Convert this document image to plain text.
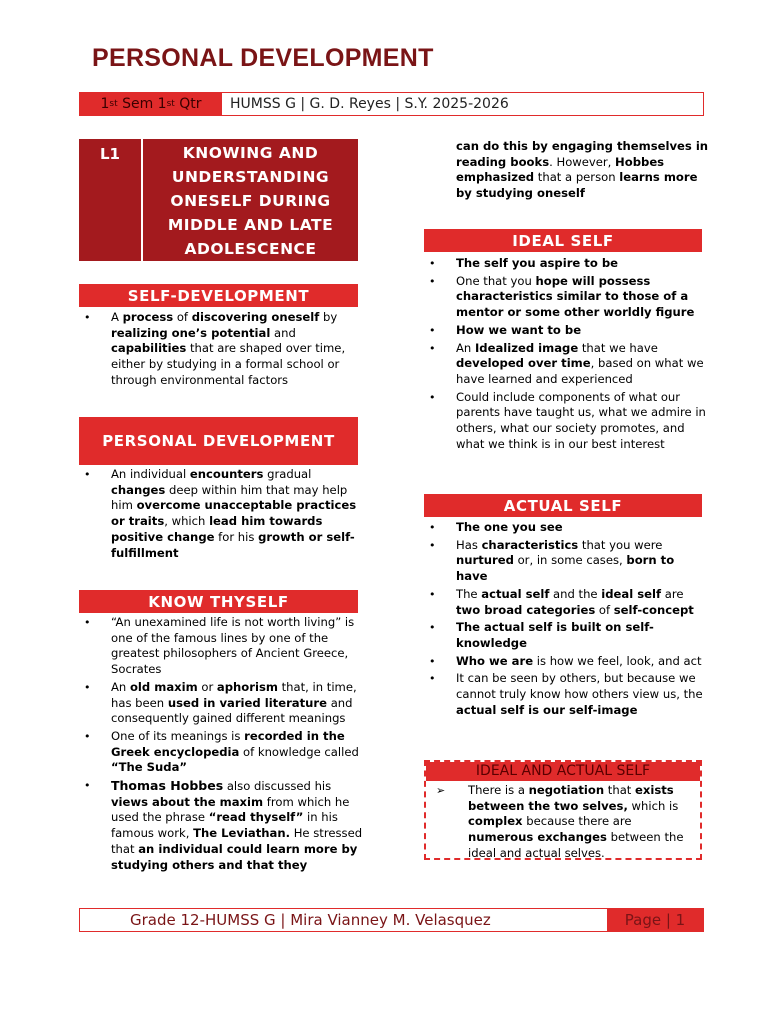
PERSONAL DEVELOPMENT
1 st
Sem
1 st
Qtr	HUMSS G | G. D. Reyes | S.Y. 2025-2026
L1	KNOWING AND UNDERSTANDING ONESELF DURING MIDDLE AND LATE ADOLESCENCE
SELF-DEVELOPMENT
• A process of discovering oneself by realizing one’s potential and capabilities that are shaped over time, either by studying in a formal school or through environmental factors
PERSONAL DEVELOPMENT
• An individual encounters gradual changes deep within him that may help him overcome unacceptable practices or traits, which lead him towards positive change for his growth or self-fulfillment
KNOW THYSELF
• “An unexamined life is not worth living” is one of the famous lines by one of the greatest philosophers of Ancient Greece, Socrates
• An old maxim or aphorism that, in time, has been used in varied literature and consequently gained different meanings
• One of its meanings is recorded in the Greek encyclopedia of knowledge called “The Suda”
• Thomas Hobbes also discussed his views about the maxim from which he used the phrase “read thyself” in his famous work, The Leviathan. He stressed that an individual could learn more by studying others and that they
can do this by engaging themselves in reading books. However, Hobbes emphasized that a person learns more by studying oneself
IDEAL SELF
• The self you aspire to be
• One that you hope will possess characteristics similar to those of a mentor or some other worldly figure
• How we want to be
• An Idealized image that we have developed over time, based on what we have learned and experienced
• Could include components of what our parents have taught us, what we admire in others, what our society promotes, and what we think is in our best interest
ACTUAL SELF
• The one you see
• Has characteristics that you were nurtured or, in some cases, born to have
• The actual self and the ideal self are two broad categories of self-concept
• The actual self is built on self-knowledge
• Who we are is how we feel, look, and act
• It can be seen by others, but because we cannot truly know how others view us, the actual self is our self-image
IDEAL AND ACTUAL SELF
➢ There is a negotiation that exists between the two selves, which is complex because there are numerous exchanges between the ideal and actual selves.
Grade 12-HUMSS G | Mira Vianney M. Velasquez	Page | 1
